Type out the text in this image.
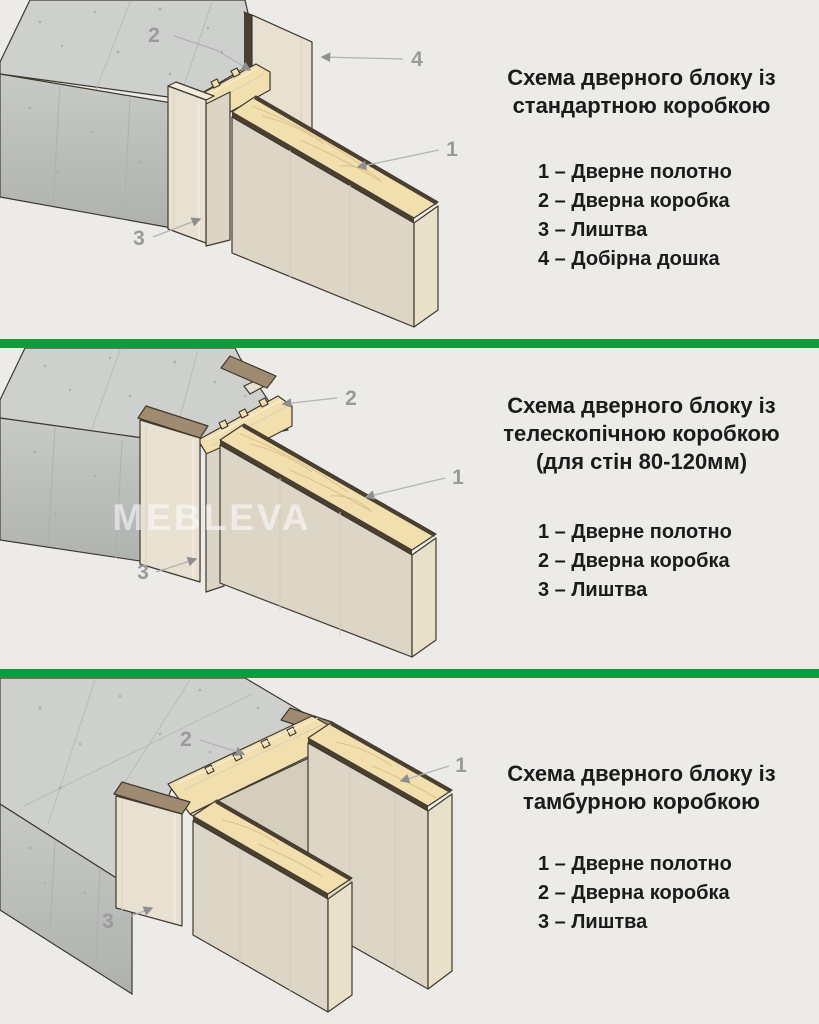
2
4
1
3
Схема дверного блоку із
стандартною коробкою
1 – Дверне полотно
2 – Дверна коробка
3 – Лиштва
4 – Добірна дошка
MEBLEVA
2
1
3
Схема дверного блоку із
телескопічною коробкою
(для стін 80-120мм)
1 – Дверне полотно
2 – Дверна коробка
3 – Лиштва
2
1
3
Схема дверного блоку із
тамбурною коробкою
1 – Дверне полотно
2 – Дверна коробка
3 – Лиштва
